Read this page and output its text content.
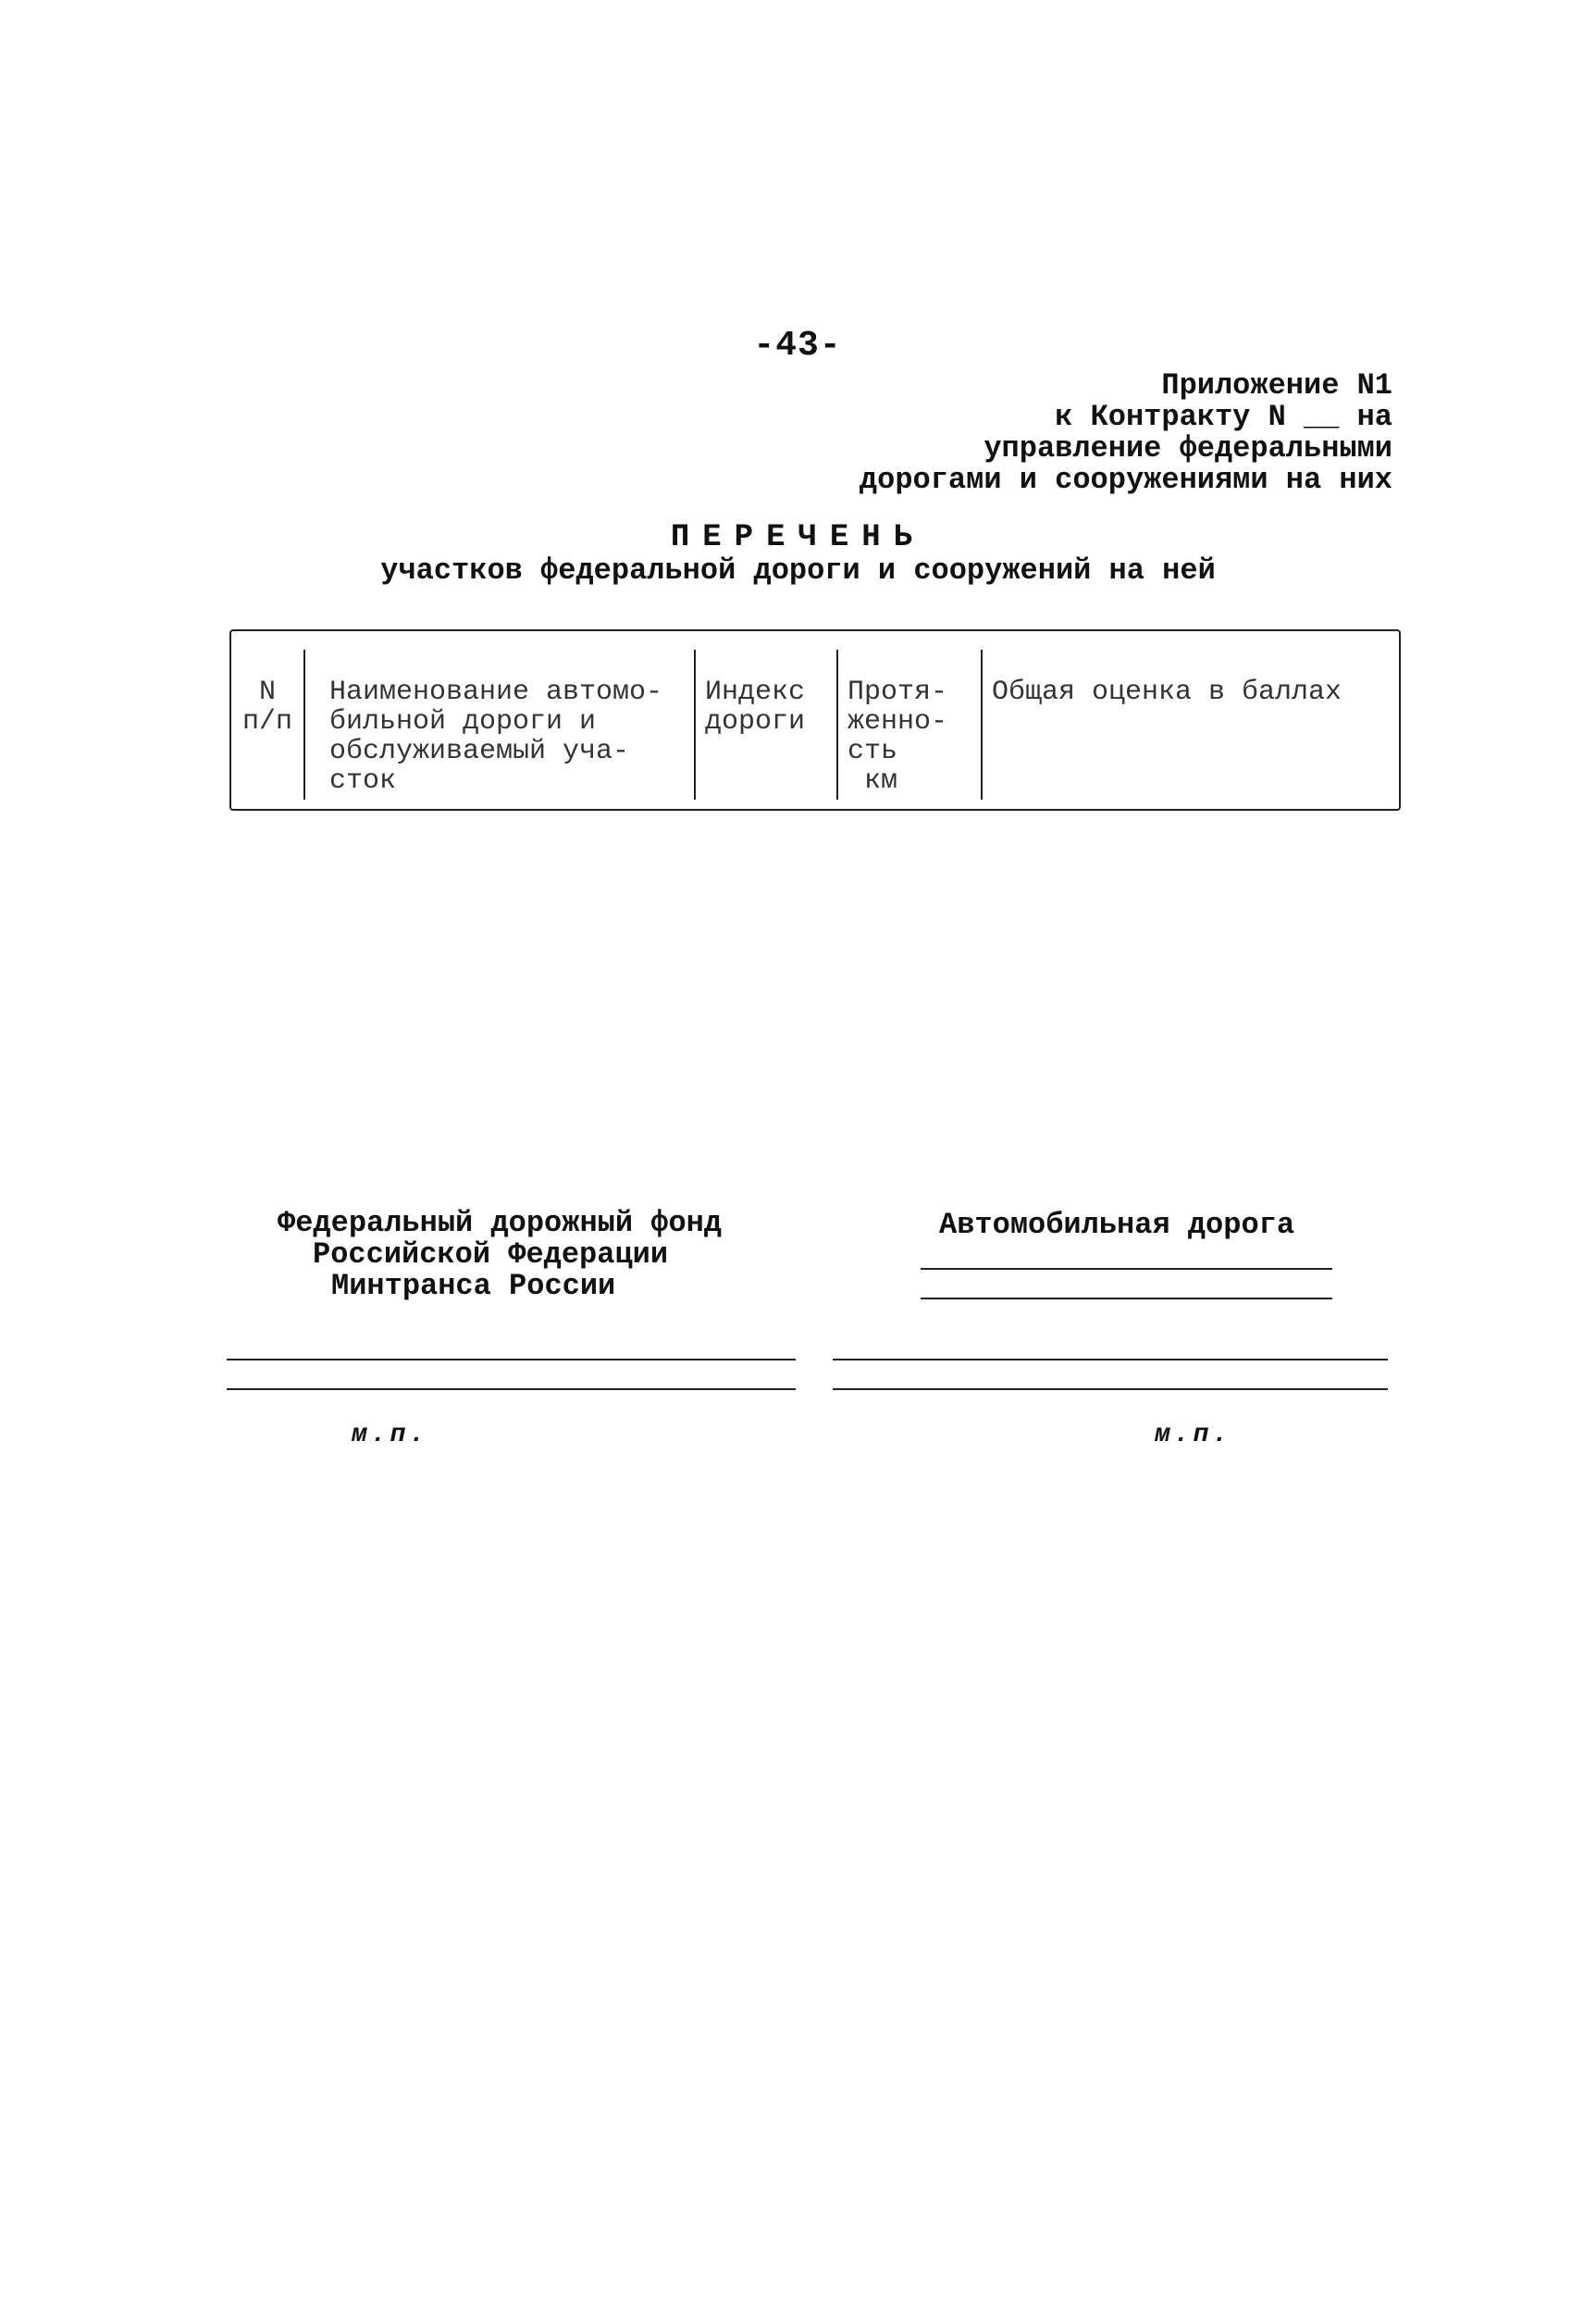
-43-
Приложение N1
к Контракту N __ на
управление федеральными
дорогами и сооружениями на них
ПЕРЕЧЕНЬ
участков федеральной дороги и сооружений на ней
N
п/п
Наименование автомо-
бильной дороги и
обслуживаемый уча-
сток
Индекс
дороги
Протя-
женно-
сть
км
Общая оценка в баллах
Федеральный дорожный фонд
Российской Федерации
Минтранса России
Автомобильная дорога
м.п.	м.п.
